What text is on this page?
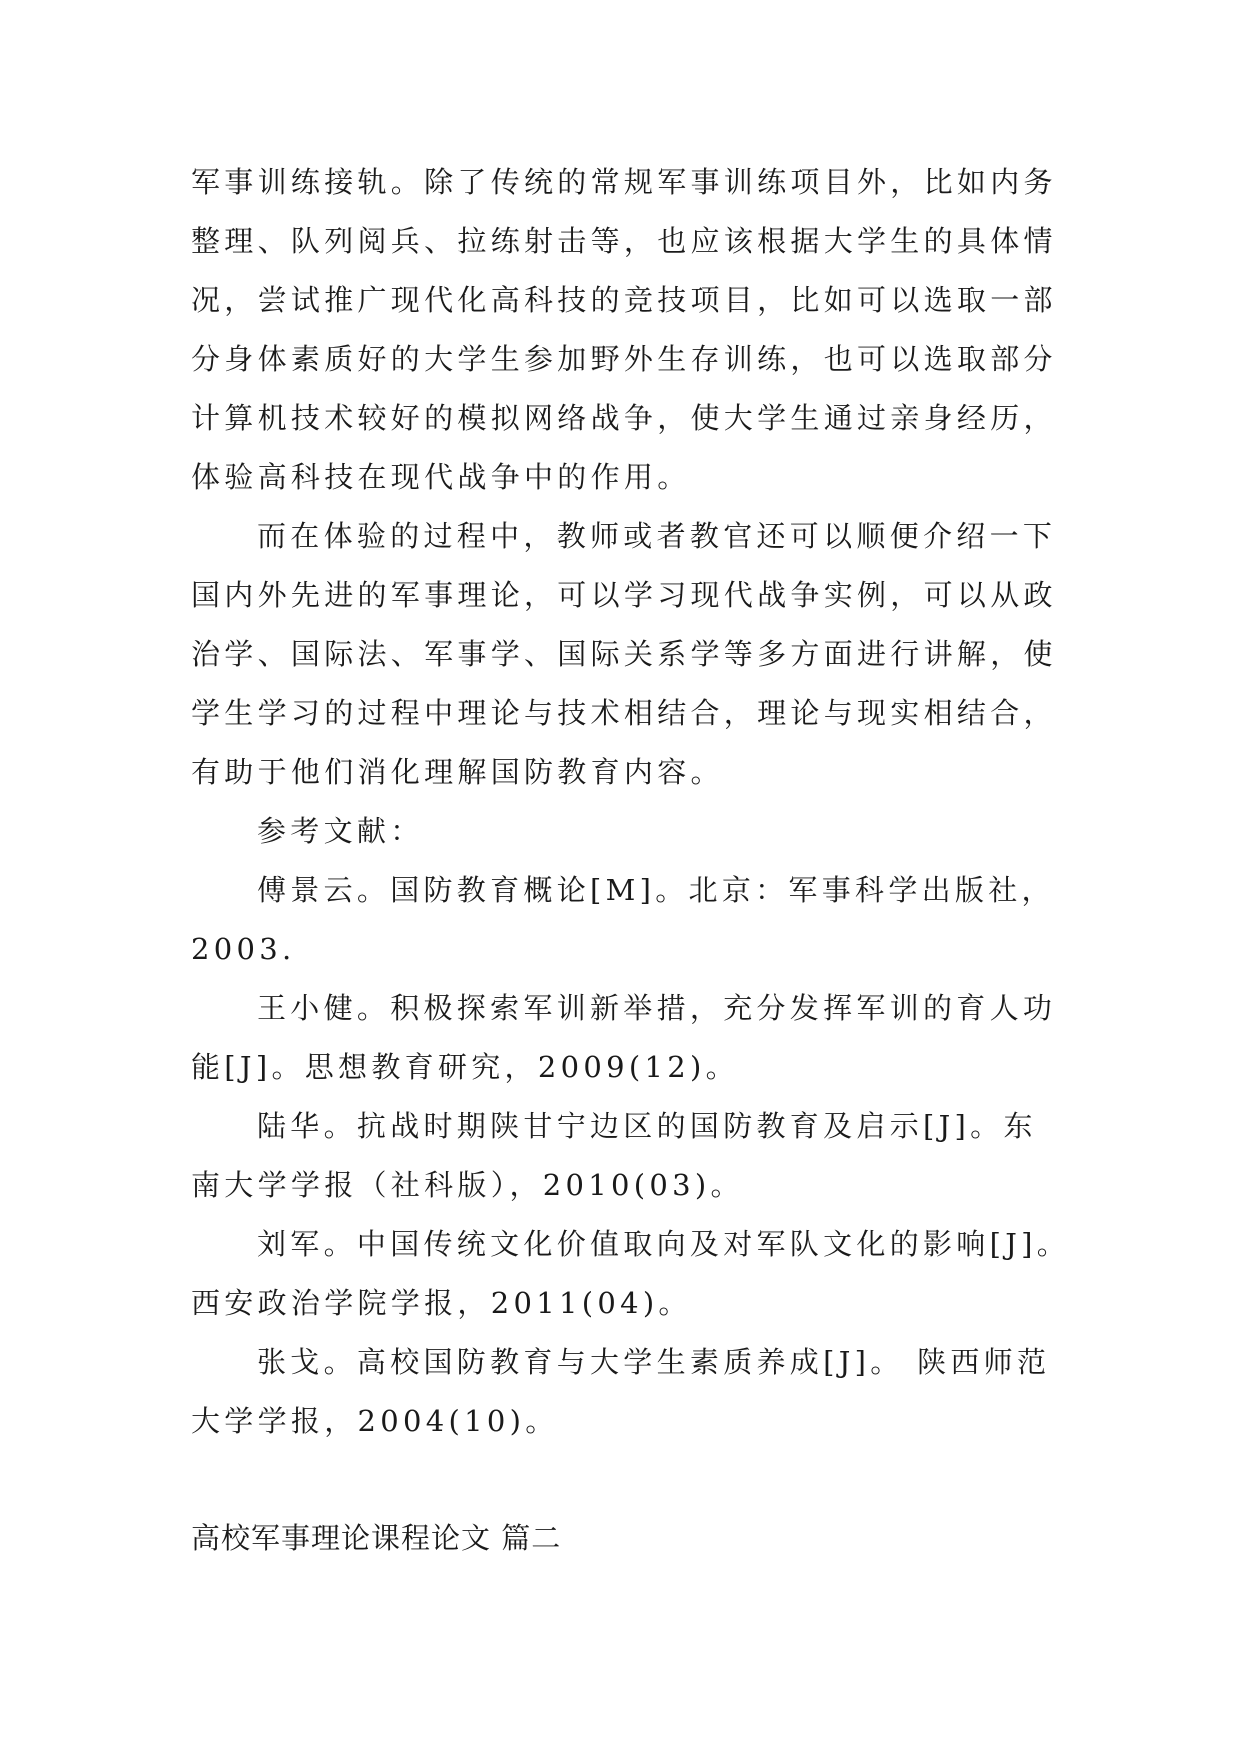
军事训练接轨。除了传统的常规军事训练项目外，比如内务
整理、队列阅兵、拉练射击等，也应该根据大学生的具体情
况，尝试推广现代化高科技的竞技项目，比如可以选取一部
分身体素质好的大学生参加野外生存训练，也可以选取部分
计算机技术较好的模拟网络战争，使大学生通过亲身经历，
体验高科技在现代战争中的作用。
而在体验的过程中，教师或者教官还可以顺便介绍一下
国内外先进的军事理论，可以学习现代战争实例，可以从政
治学、国际法、军事学、国际关系学等多方面进行讲解，使
学生学习的过程中理论与技术相结合，理论与现实相结合，
有助于他们消化理解国防教育内容。
参考文献：
傅景云。国防教育概论[M]。北京：军事科学出版社，
2003.
王小健。积极探索军训新举措，充分发挥军训的育人功
能[J]。思想教育研究，2009(12)。
陆华。抗战时期陕甘宁边区的国防教育及启示[J]。东
南大学学报（社科版），2010(03)。
刘军。中国传统文化价值取向及对军队文化的影响[J]。
西安政治学院学报，2011(04)。
张戈。高校国防教育与大学生素质养成[J]。 陕西师范
大学学报，2004(10)。
高校军事理论课程论文 篇二
